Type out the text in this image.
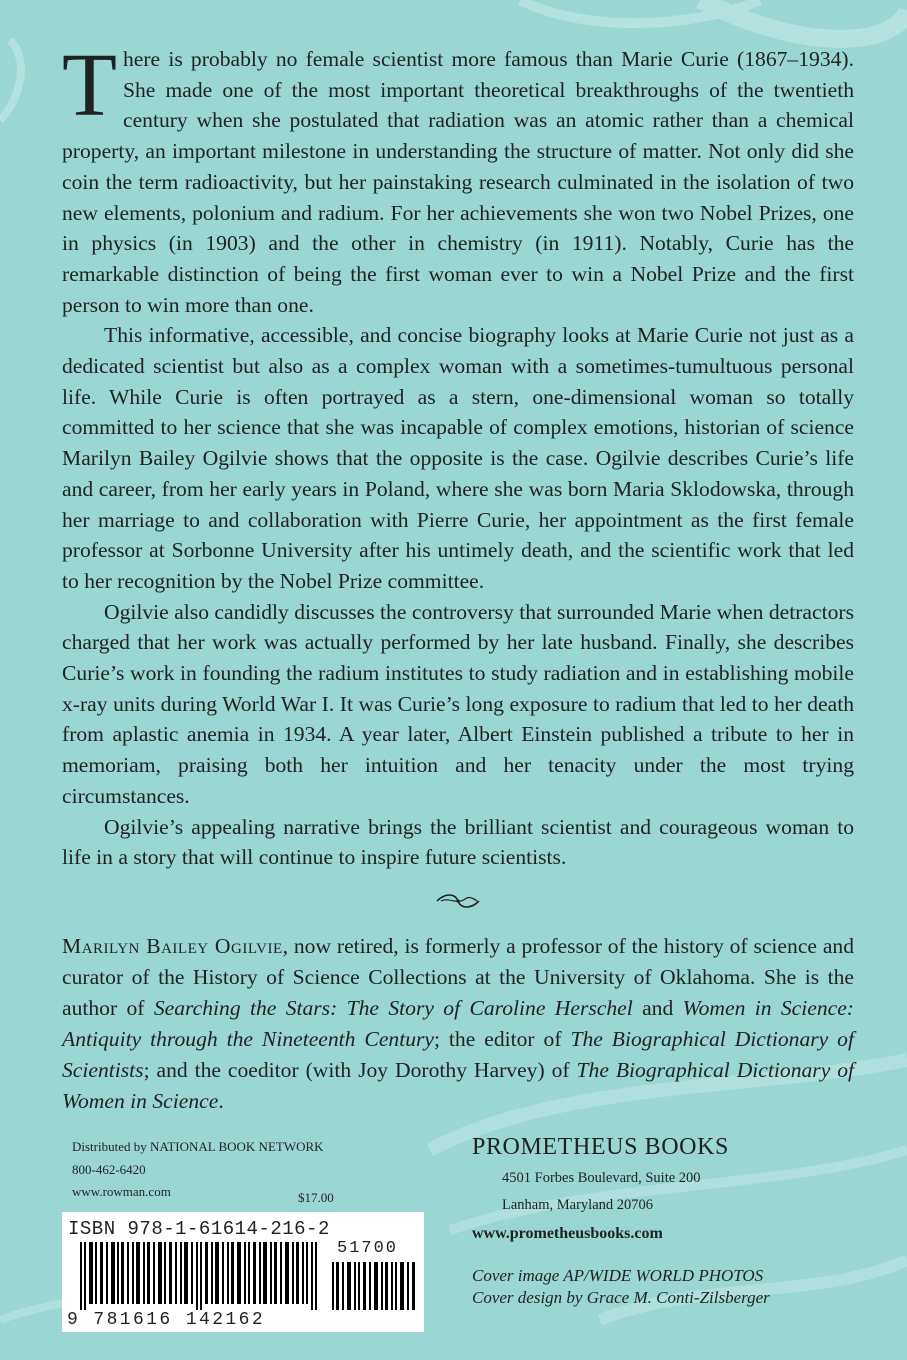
There is probably no female scientist more famous than Marie Curie (1867–1934). She made one of the most important theoretical breakthroughs of the twentieth century when she postulated that radiation was an atomic rather than a chemical property, an important milestone in understanding the structure of matter. Not only did she coin the term radioactivity, but her painstaking research culminated in the isolation of two new elements, polonium and radium. For her achievements she won two Nobel Prizes, one in physics (in 1903) and the other in chemistry (in 1911). Notably, Curie has the remarkable distinction of being the first woman ever to win a Nobel Prize and the first person to win more than one.

This informative, accessible, and concise biography looks at Marie Curie not just as a dedicated scientist but also as a complex woman with a sometimes-tumultuous personal life. While Curie is often portrayed as a stern, one-dimensional woman so totally committed to her science that she was incapable of complex emotions, historian of science Marilyn Bailey Ogilvie shows that the opposite is the case. Ogilvie describes Curie’s life and career, from her early years in Poland, where she was born Maria Sklodowska, through her marriage to and collaboration with Pierre Curie, her appointment as the first female professor at Sorbonne University after his untimely death, and the scientific work that led to her recognition by the Nobel Prize committee.

Ogilvie also candidly discusses the controversy that surrounded Marie when detractors charged that her work was actually performed by her late husband. Finally, she describes Curie’s work in founding the radium institutes to study radiation and in establishing mobile x-ray units during World War I. It was Curie’s long exposure to radium that led to her death from aplastic anemia in 1934. A year later, Albert Einstein published a tribute to her in memoriam, praising both her intuition and her tenacity under the most trying circumstances.

Ogilvie’s appealing narrative brings the brilliant scientist and courageous woman to life in a story that will continue to inspire future scientists.

Marilyn Bailey Ogilvie, now retired, is formerly a professor of the history of science and curator of the History of Science Collections at the University of Oklahoma. She is the author of Searching the Stars: The Story of Caroline Herschel and Women in Science: Antiquity through the Nineteenth Century; the editor of The Biographical Dictionary of Scientists; and the coeditor (with Joy Dorothy Harvey) of The Biographical Dictionary of Women in Science.

Distributed by NATIONAL BOOK NETWORK
800-462-6420
www.rowman.com	$17.00
ISBN 978-1-61614-216-2
51700
9 781616 142162

PROMETHEUS BOOKS

4501 Forbes Boulevard, Suite 200
Lanham, Maryland 20706

www.prometheusbooks.com

Cover image AP/WIDE WORLD PHOTOS
Cover design by Grace M. Conti-Zilsberger
